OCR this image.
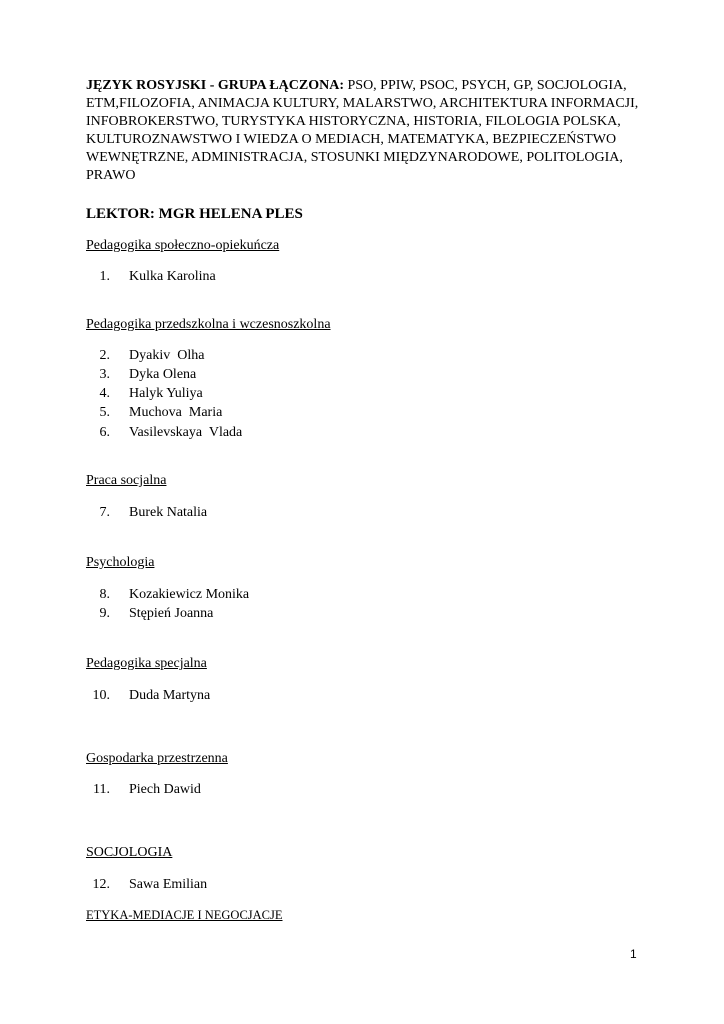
JĘZYK ROSYJSKI - GRUPA ŁĄCZONA: PSO, PPIW, PSOC, PSYCH, GP, SOCJOLOGIA, ETM,FILOZOFIA, ANIMACJA KULTURY, MALARSTWO, ARCHITEKTURA INFORMACJI, INFOBROKERSTWO, TURYSTYKA HISTORYCZNA, HISTORIA, FILOLOGIA POLSKA, KULTUROZNAWSTWO I WIEDZA O MEDIACH, MATEMATYKA, BEZPIECZEŃSTWO WEWNĘTRZNE, ADMINISTRACJA, STOSUNKI MIĘDZYNARODOWE, POLITOLOGIA, PRAWO
LEKTOR: MGR HELENA PLES
Pedagogika społeczno-opiekuńcza
1. Kulka Karolina
Pedagogika przedszkolna i wczesnoszkolna
2. Dyakiv  Olha
3. Dyka Olena
4. Halyk Yuliya
5. Muchova  Maria
6. Vasilevskaya  Vlada
Praca socjalna
7. Burek Natalia
Psychologia
8. Kozakiewicz Monika
9. Stępień Joanna
Pedagogika specjalna
10. Duda Martyna
Gospodarka przestrzenna
11. Piech Dawid
SOCJOLOGIA
12. Sawa Emilian
ETYKA-MEDIACJE I NEGOCJACJE
1
